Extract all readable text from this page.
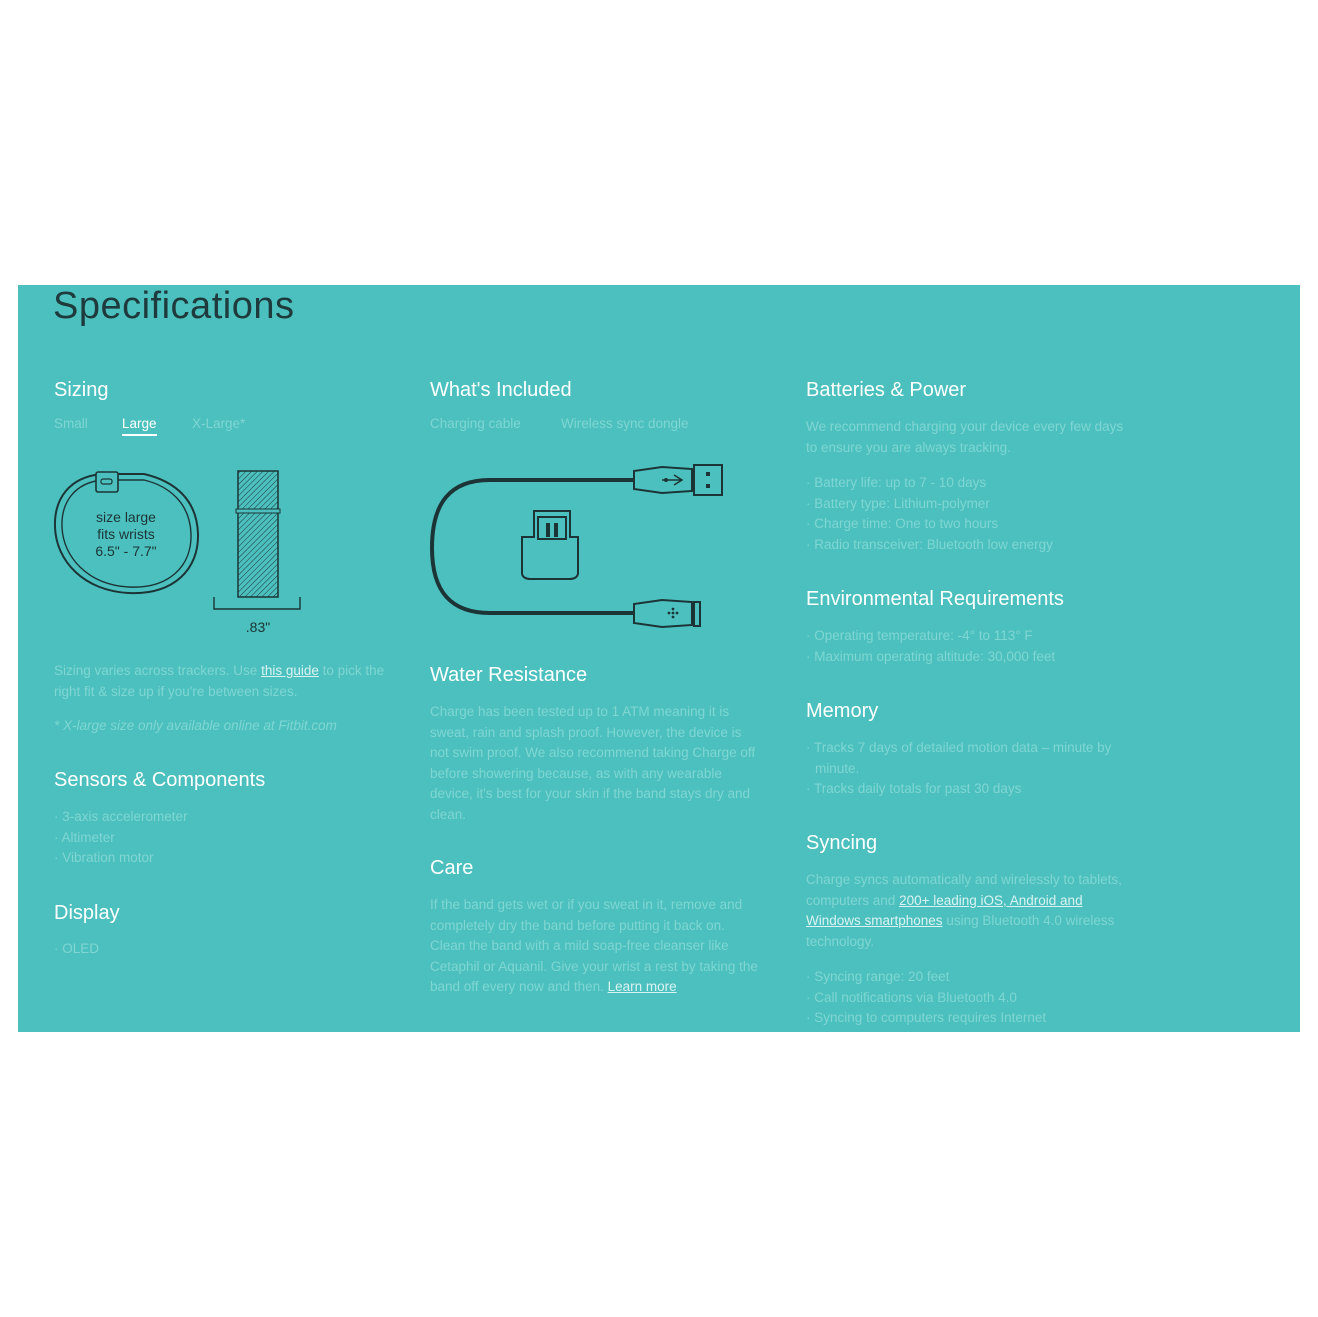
Specifications
Sizing
Small	Large	X-Large*
size large
fits wrists
6.5" - 7.7"
.83"
Sizing varies across trackers. Use this guide to pick the right fit & size up if you're between sizes.
* X-large size only available online at Fitbit.com
Sensors & Components
· 3-axis accelerometer
· Altimeter
· Vibration motor
Display
· OLED
What's Included
Charging cable	Wireless sync dongle
Water Resistance
Charge has been tested up to 1 ATM meaning it is sweat, rain and splash proof. However, the device is not swim proof. We also recommend taking Charge off before showering because, as with any wearable device, it's best for your skin if the band stays dry and clean.
Care
If the band gets wet or if you sweat in it, remove and completely dry the band before putting it back on. Clean the band with a mild soap-free cleanser like Cetaphil or Aquanil. Give your wrist a rest by taking the band off every now and then. Learn more
Batteries & Power
We recommend charging your device every few days to ensure you are always tracking.
· Battery life: up to 7 - 10 days
· Battery type: Lithium-polymer
· Charge time: One to two hours
· Radio transceiver: Bluetooth low energy
Environmental Requirements
· Operating temperature: -4° to 113° F
· Maximum operating altitude: 30,000 feet
Memory
· Tracks 7 days of detailed motion data – minute by minute.
· Tracks daily totals for past 30 days
Syncing
Charge syncs automatically and wirelessly to tablets, computers and 200+ leading iOS, Android and Windows smartphones using Bluetooth 4.0 wireless technology.
· Syncing range: 20 feet
· Call notifications via Bluetooth 4.0
· Syncing to computers requires Internet
